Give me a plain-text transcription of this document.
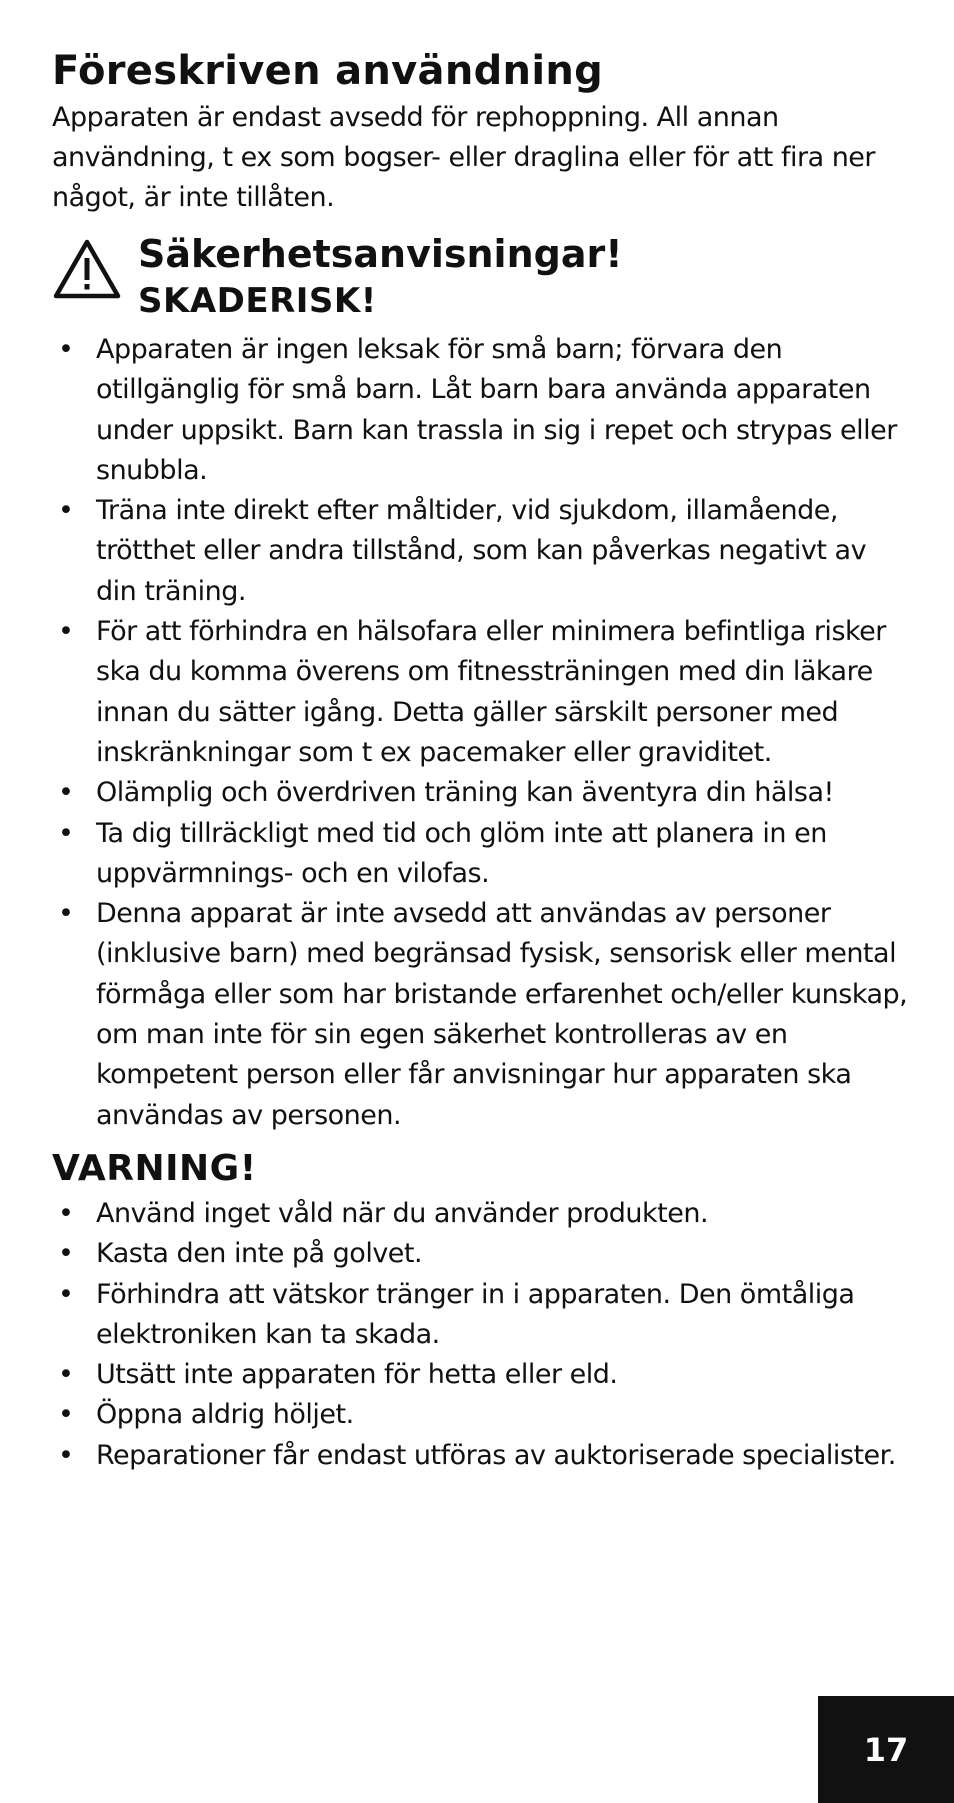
Föreskriven användning

Apparaten är endast avsedd för rephoppning. All annan användning, t ex som bogser- eller draglina eller för att fira ner något, är inte tillåten.

Säkerhetsanvisningar!
SKADERISK!
• Apparaten är ingen leksak för små barn; förvara den otillgänglig för små barn. Låt barn bara använda apparaten under uppsikt. Barn kan trassla in sig i repet och strypas eller snubbla.
• Träna inte direkt efter måltider, vid sjukdom, illamående, trötthet eller andra tillstånd, som kan påverkas negativt av din träning.
• För att förhindra en hälsofara eller minimera befintliga risker ska du komma överens om fitnessträningen med din läkare innan du sätter igång. Detta gäller särskilt personer med inskränkningar som t ex pacemaker eller graviditet.
• Olämplig och överdriven träning kan äventyra din hälsa!
• Ta dig tillräckligt med tid och glöm inte att planera in en uppvärmnings- och en vilofas.
• Denna apparat är inte avsedd att användas av personer (inklusive barn) med begränsad fysisk, sensorisk eller mental förmåga eller som har bristande erfarenhet och/eller kunskap, om man inte för sin egen säkerhet kontrolleras av en kompetent person eller får anvisningar hur apparaten ska användas av personen.
VARNING!
• Använd inget våld när du använder produkten.
• Kasta den inte på golvet.
• Förhindra att vätskor tränger in i apparaten. Den ömtåliga elektroniken kan ta skada.
• Utsätt inte apparaten för hetta eller eld.
• Öppna aldrig höljet.
• Reparationer får endast utföras av auktoriserade specialister.
17
